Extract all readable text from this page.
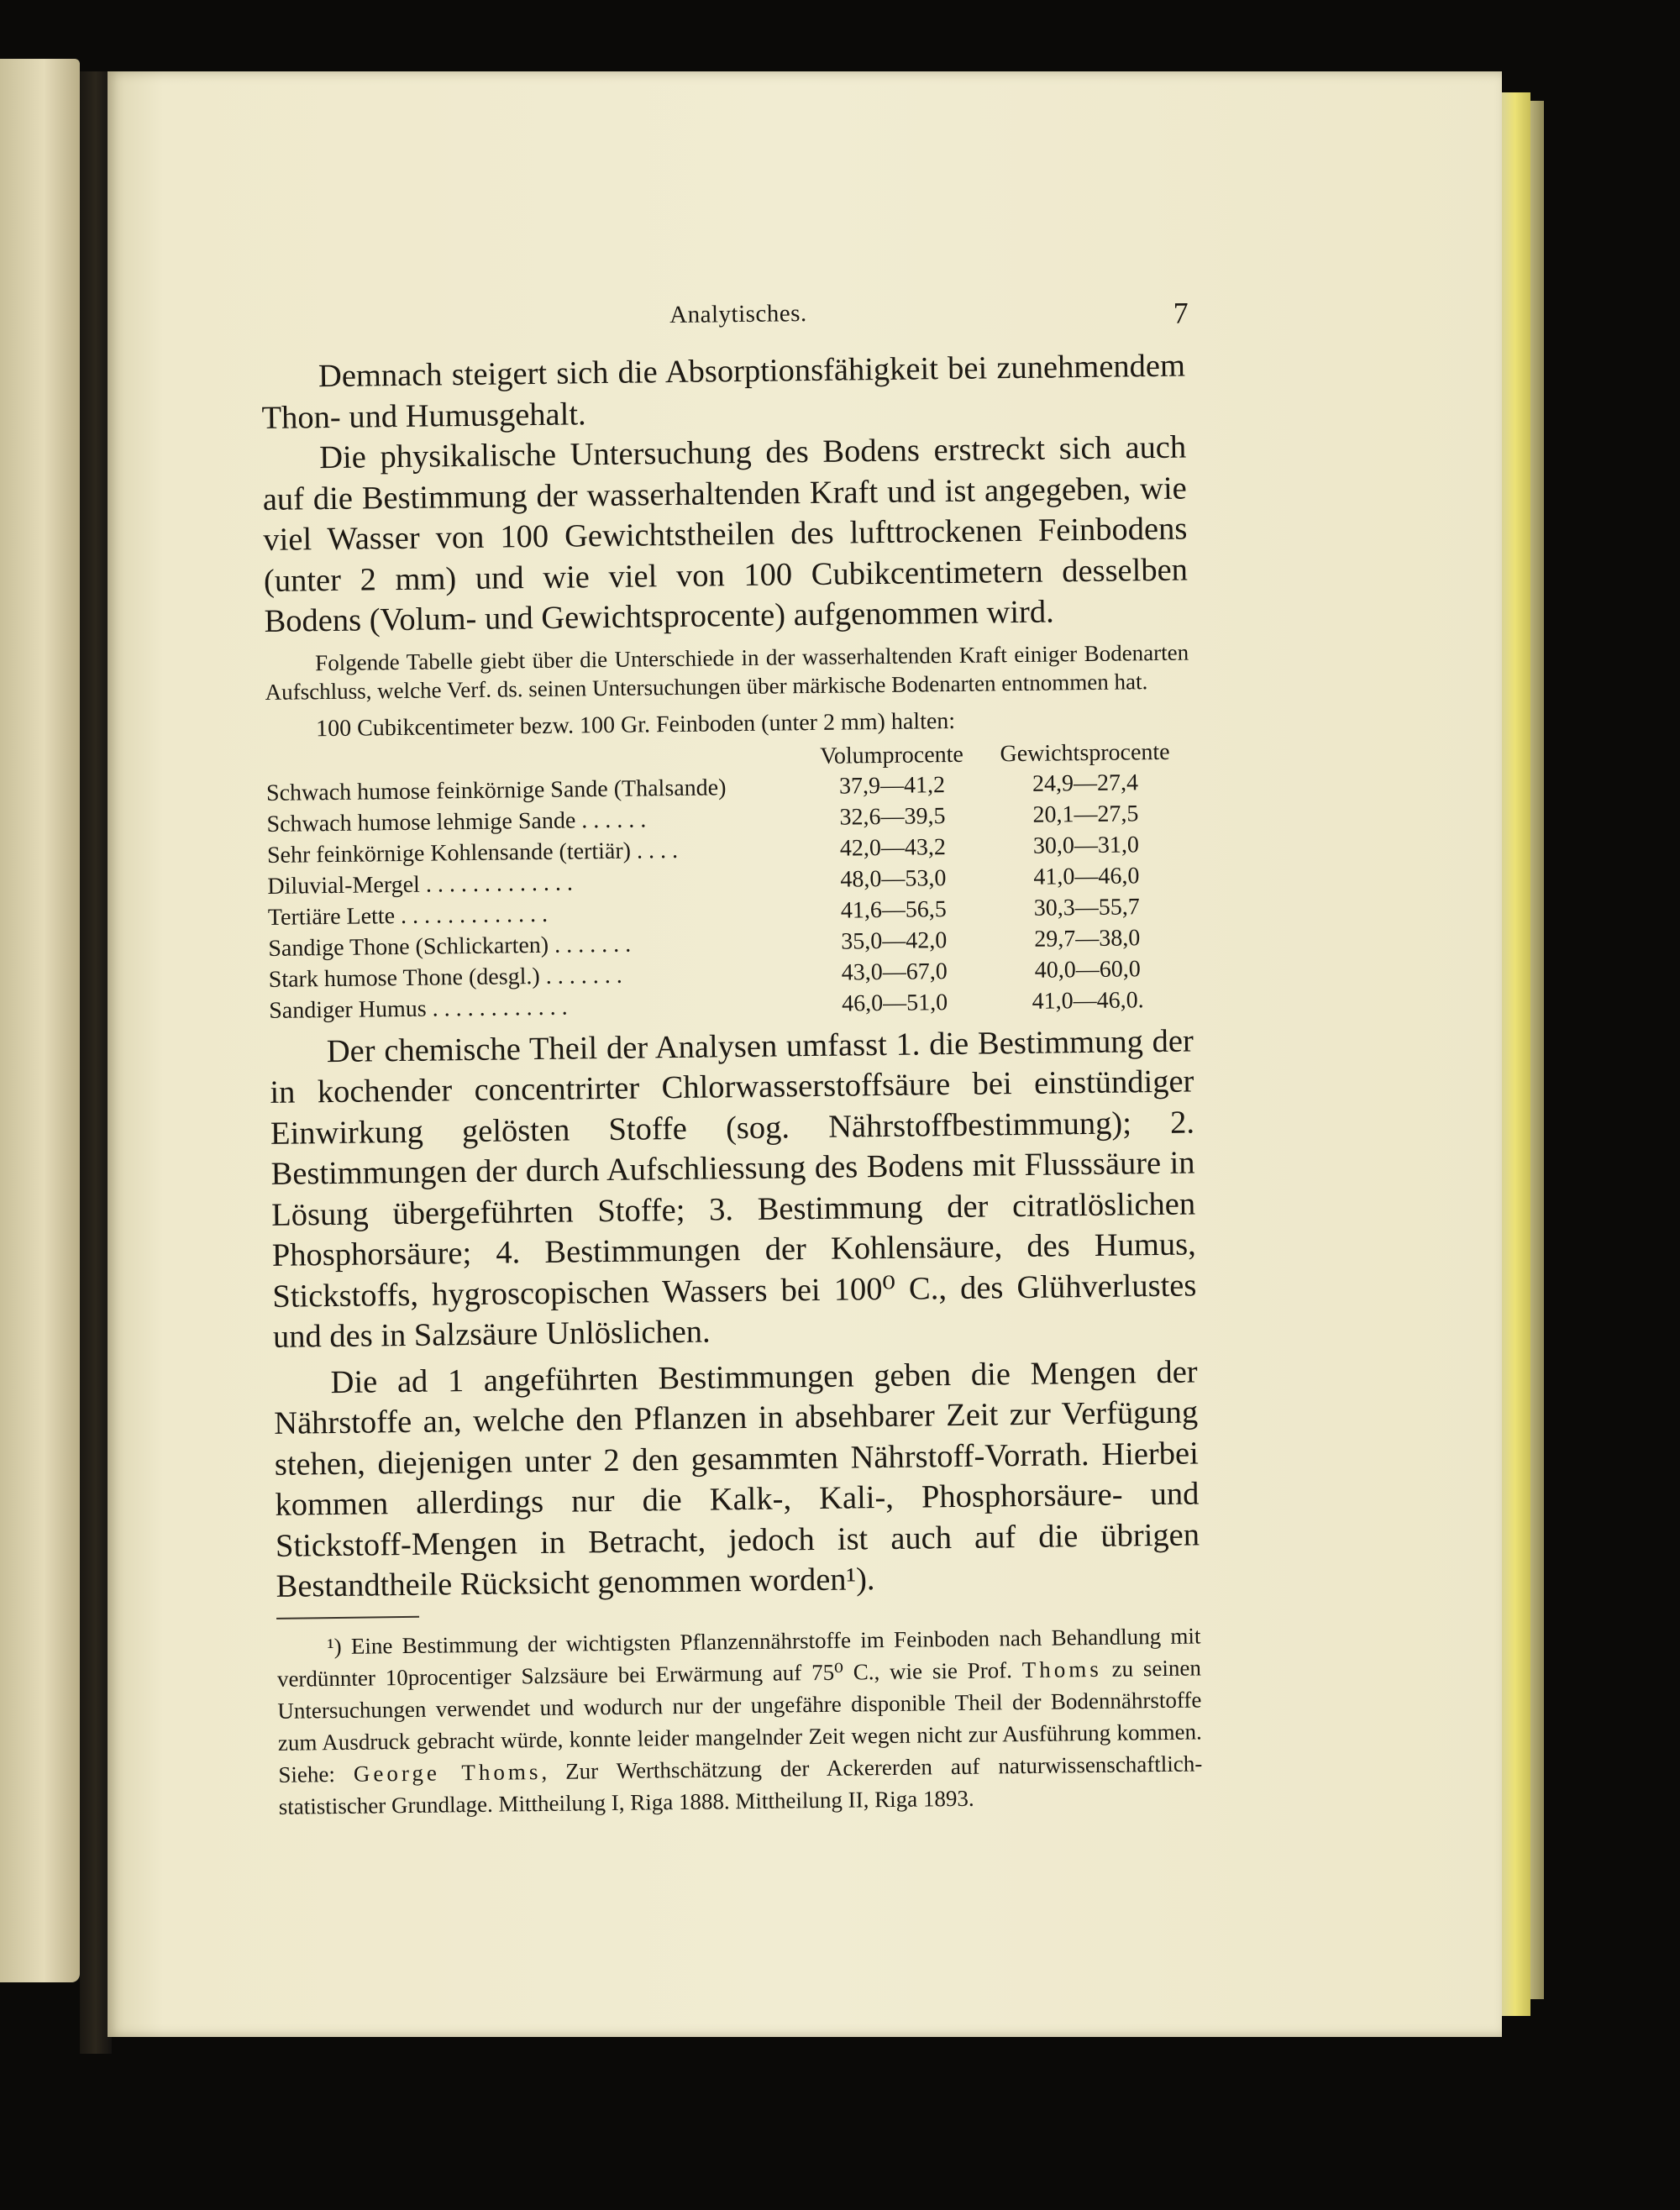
Analytisches.	7

Demnach steigert sich die Absorptionsfähigkeit bei zunehmendem Thon- und Humusgehalt.

Die physikalische Untersuchung des Bodens erstreckt sich auch auf die Bestimmung der wasserhaltenden Kraft und ist angegeben, wie viel Wasser von 100 Gewichtstheilen des lufttrockenen Feinbodens (unter 2 mm) und wie viel von 100 Cubikcentimetern desselben Bodens (Volum- und Gewichtsprocente) aufgenommen wird.

Folgende Tabelle giebt über die Unterschiede in der wasserhaltenden Kraft einiger Bodenarten Aufschluss, welche Verf. ds. seinen Untersuchungen über märkische Bodenarten entnommen hat.

100 Cubikcentimeter bezw. 100 Gr. Feinboden (unter 2 mm) halten:

	Volumprocente	Gewichtsprocente
Schwach humose feinkörnige Sande (Thalsande)	37,9—41,2	24,9—27,4
Schwach humose lehmige Sande . . . . . .	32,6—39,5	20,1—27,5
Sehr feinkörnige Kohlensande (tertiär) . . . .	42,0—43,2	30,0—31,0
Diluvial-Mergel . . . . . . . . . . . . .	48,0—53,0	41,0—46,0
Tertiäre Lette . . . . . . . . . . . . .	41,6—56,5	30,3—55,7
Sandige Thone (Schlickarten) . . . . . . .	35,0—42,0	29,7—38,0
Stark humose Thone (desgl.) . . . . . . .	43,0—67,0	40,0—60,0
Sandiger Humus . . . . . . . . . . . .	46,0—51,0	41,0—46,0.

Der chemische Theil der Analysen umfasst 1. die Bestimmung der in kochender concentrirter Chlorwasserstoffsäure bei einstündiger Einwirkung gelösten Stoffe (sog. Nährstoffbestimmung); 2. Bestimmungen der durch Aufschliessung des Bodens mit Flusssäure in Lösung übergeführten Stoffe; 3. Bestimmung der citratlöslichen Phosphorsäure; 4. Bestimmungen der Kohlensäure, des Humus, Stickstoffs, hygroscopischen Wassers bei 100⁰ C., des Glühverlustes und des in Salzsäure Unlöslichen.

Die ad 1 angeführten Bestimmungen geben die Mengen der Nährstoffe an, welche den Pflanzen in absehbarer Zeit zur Verfügung stehen, diejenigen unter 2 den gesammten Nährstoff-Vorrath. Hierbei kommen allerdings nur die Kalk-, Kali-, Phosphorsäure- und Stickstoff-Mengen in Betracht, jedoch ist auch auf die übrigen Bestandtheile Rücksicht genommen worden¹).

¹) Eine Bestimmung der wichtigsten Pflanzennährstoffe im Feinboden nach Behandlung mit verdünnter 10procentiger Salzsäure bei Erwärmung auf 75⁰ C., wie sie Prof. Thoms zu seinen Untersuchungen verwendet und wodurch nur der ungefähre disponible Theil der Bodennährstoffe zum Ausdruck gebracht würde, konnte leider mangelnder Zeit wegen nicht zur Ausführung kommen. Siehe: George Thoms, Zur Werthschätzung der Ackererden auf naturwissenschaftlich-statistischer Grundlage. Mittheilung I, Riga 1888. Mittheilung II, Riga 1893.
